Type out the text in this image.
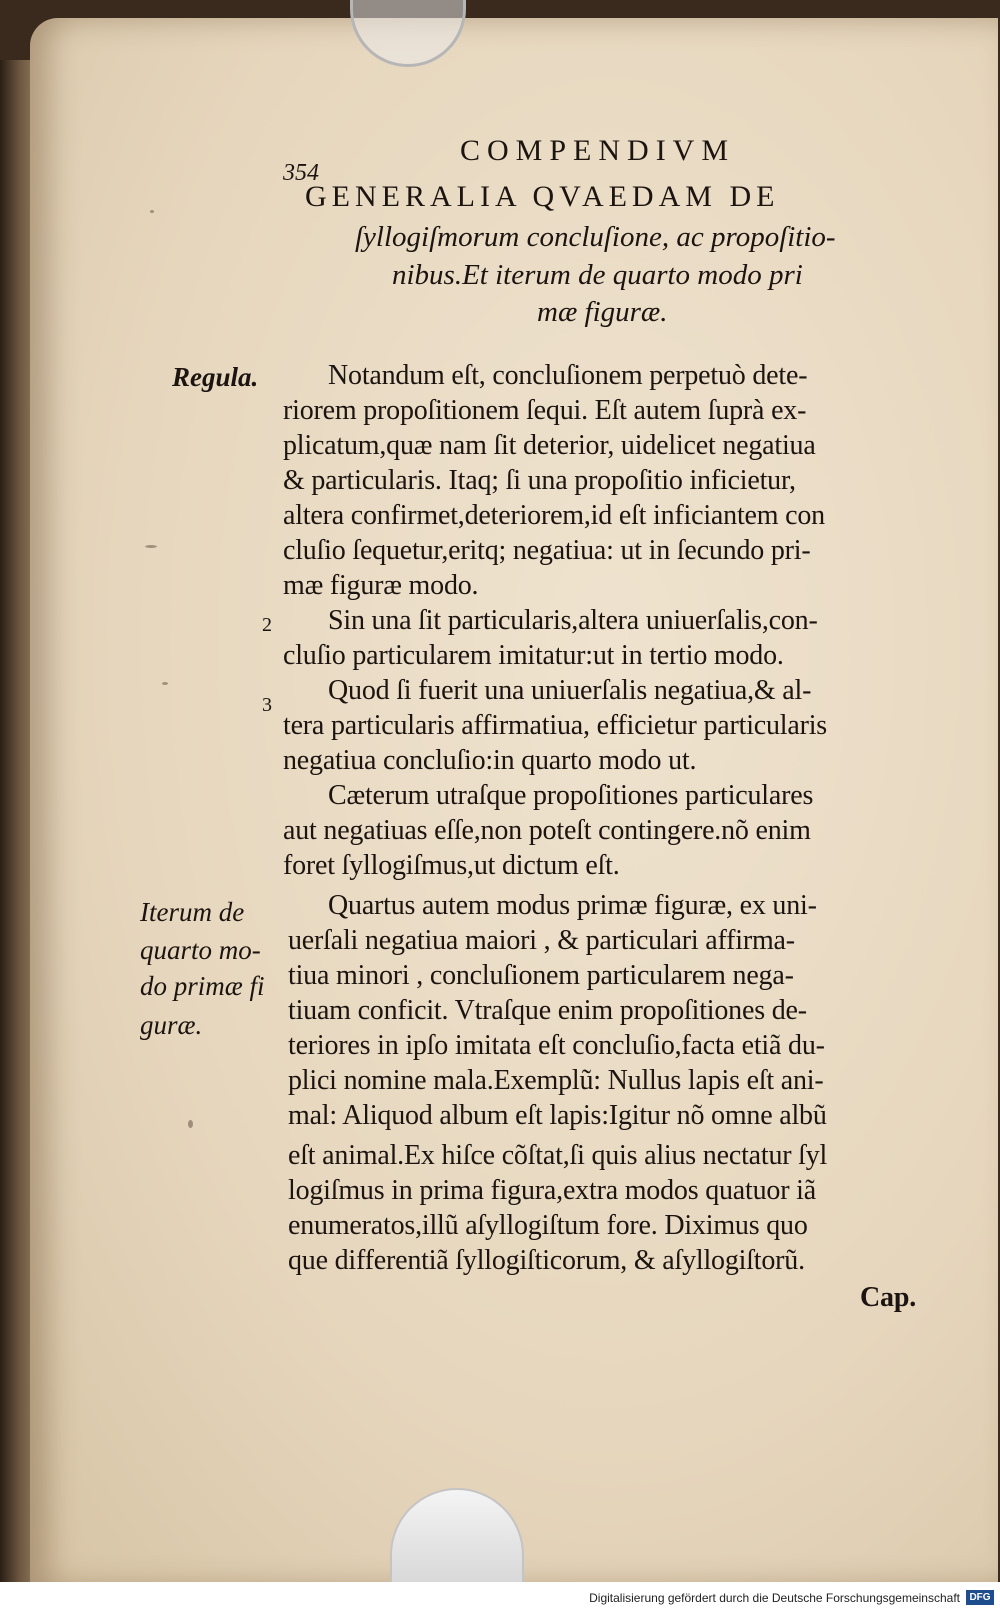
354
COMPENDIVM
GENERALIA QVAEDAM DE
ſyllogiſmorum concluſione, ac propoſitio-
nibus.Et iterum de quarto modo pri
mæ figuræ.
Regula.
2
3
Iterum de
quarto mo-
do primæ fi
guræ.
Notandum eſt, concluſionem perpetuò dete-
riorem propoſitionem ſequi. Eſt autem ſuprà ex-
plicatum,quæ nam ſit deterior, uidelicet negatiua
& particularis. Itaq; ſi una propoſitio inficietur,
altera confirmet,deteriorem,id eſt inficiantem con
cluſio ſequetur,eritq; negatiua: ut in ſecundo pri-
mæ figuræ modo.
Sin una ſit particularis,altera uniuerſalis,con-
cluſio particularem imitatur:ut in tertio modo.
Quod ſi fuerit una uniuerſalis negatiua,& al-
tera particularis affirmatiua, efficietur particularis
negatiua concluſio:in quarto modo ut.
Cæterum utraſque propoſitiones particulares
aut negatiuas eſſe,non poteſt contingere.nõ enim
foret ſyllogiſmus,ut dictum eſt.
Quartus autem modus primæ figuræ, ex uni-
uerſali negatiua maiori , & particulari affirma-
tiua minori , concluſionem particularem nega-
tiuam conficit. Vtraſque enim propoſitiones de-
teriores in ipſo imitata eſt concluſio,facta etiã du-
plici nomine mala.Exemplũ: Nullus lapis eſt ani-
mal: Aliquod album eſt lapis:Igitur nõ omne albũ
eſt animal.Ex hiſce cõſtat,ſi quis alius nectatur ſyl
logiſmus in prima figura,extra modos quatuor iã
enumeratos,illũ aſyllogiſtum fore. Diximus quo
que differentiã ſyllogiſticorum, & aſyllogiſtorũ.
Cap.
Digitalisierung gefördert durch die Deutsche Forschungsgemeinschaft DFG
